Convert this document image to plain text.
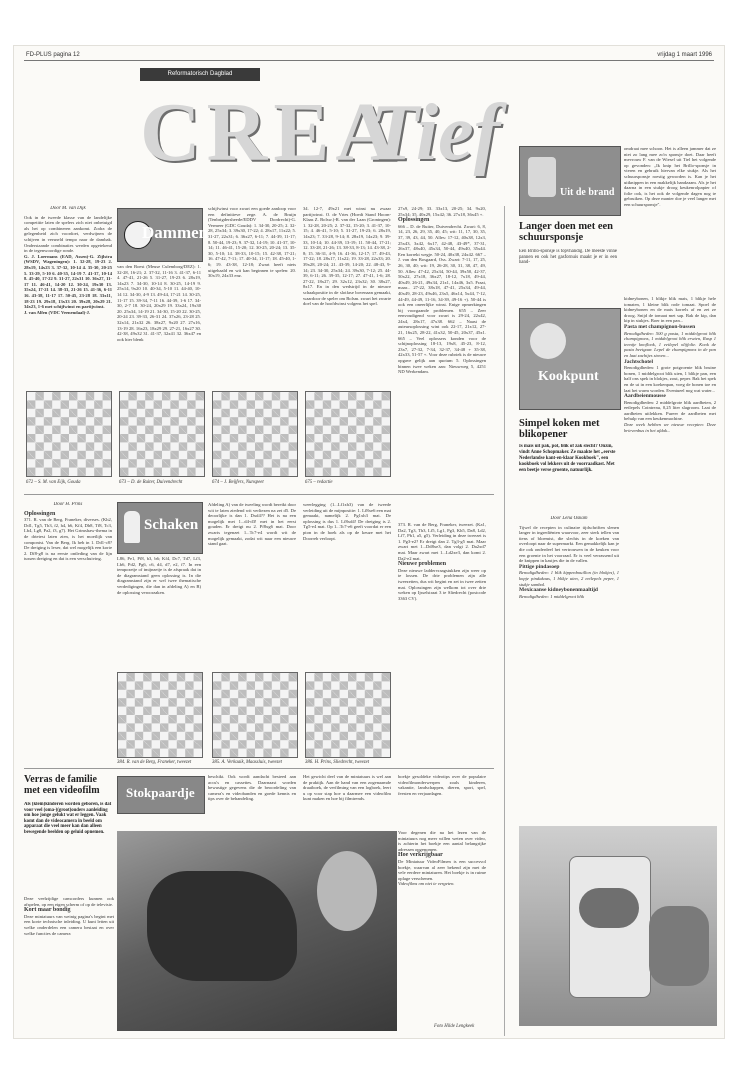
FD-PLUS pagina 12	vrijdag 1 maart 1996
Reformatorisch Dagblad
CREA
Tief
Door M. van Dijk
Ook in de tweede klasse van de landelijke competitie laten de spelers zich niet onbetuigd als het op combineren aankomt. Zodra de gelegenheid zich voordoet, verdwijnen de schijven in versneld tempo naar de dambak. Onderstaande combinaties werden opgetekend in de tegenwoordige ronde.
G. J. Loermans (EAD, Assen)-G. Zijlstra (WSDV, Wageningen): 1. 32-28, 19-23 2. 28x19, 14x23 3. 37-32, 10-14 4. 35-30, 20-25 5. 33-29, 5-10 6. 40-35, 14-19 7. 41-37, 10-14 8. 45-40, 17-22 9. 31-27, 22x31 10. 36x27, 11-17 11. 46-41, 14-20 12. 30-24, 19x30 13. 35x24, 17-21 14. 38-33, 21-26 15. 41-36, 6-11 16. 43-38, 11-17 17. 50-45, 23-28 18. 33x11, 18-23 19. 29x18, 13x33 20. 39x28, 20x29 21. 34x23, 1-6 met schijfwinst en partijwinst.
J. van Alfen (VDC Veenendaal)-J.
Dammen
van den Boest (Meuse Culemborg/DEZ): 1. 32-28, 16-21; 2. 37-32, 11-16 3. 41-37, 6-11 4. 47-41, 21-26 5. 31-27, 19-23 6. 28x19, 14x23 7. 34-30, 10-14 8. 30-25, 14-19 9. 25x14, 9x20 10. 40-34, 5-10 11. 44-40, 10-14 12. 34-30, 4-9 13. 49-44, 17-21 14. 30-25, 11-17 15. 39-34, 7-11 16. 44-39, 1-6 17. 34-30, 2-7 18. 30-24, 20x29 19. 33x24, 19x30 20. 25x34, 14-19 21. 34-30, 15-20 22. 30-25, 20-24 23. 39-33, 26-31 24. 37x26, 23-28 25. 32x14, 21x32 26. 38x27, 9x20 27. 27x16, 13-19 28. 16x23, 18x29 29. 27-21, 16x27 30. 42-38, 49x32 31. 41-37, 32x41 32. 36x47 en ook hier blenk
schijfwinst voor zwart een goede aanloop voor een definitieve zege. A. de Bruijn (Tenbrigdersheede/EDDV Dordrecht)-G. Vermeer (GDC Gouda): 1. 34-30, 20-25; 2. 32-28, 25x34; 3. 39x30, 17-22; 4. 28x17, 11x22; 5. 31-27, 22x31; 6. 36x27, 6-11; 7. 44-39, 11-17; 8. 50-44, 19-23; 9. 37-32, 14-19; 10. 41-37, 10-14; 11. 46-41, 15-20; 12. 30-25, 20-24; 13. 35-30, 5-10; 14. 38-33, 10-15; 15. 42-38, 17-21; 16. 47-42, 7-11; 17. 40-34, 11-17; 18. 45-40, 1-6; 19. 43-38, 12-18; Zwart heeft niets uitgehaald en wit kan beginnen te spelen: 20. 30x19, 24x33 enz.
34. 12-7, 49x21 met winst nu zwaar partijwinst. O. de Vries (Hoedt Stand Hoorn-Klaas Z. Bolsw.)-R. van der Laan (Groningen): 1. 32-28, 20-25; 2. 37-32, 15-20; 3. 41-37, 10-15; 4. 46-41, 5-10; 5. 31-27, 19-23; 6. 28x19, 14x23; 7. 33-28, 9-14; 8. 28x19, 14x23; 9. 39-33, 10-14; 10. 44-39, 13-19; 11. 50-44, 17-21; 12. 33-28, 21-26; 13. 38-33, 8-13; 14. 43-38, 2-8; 15. 36-31, 4-9; 16. 41-36, 12-17; 17. 49-43, 17-22; 18. 28x17, 11x22; 19. 33-28, 22x33; 20. 39x28, 20-24; 21. 43-39, 14-20; 22. 48-43, 9-14; 23. 34-30, 25x34; 24. 39x30, 7-12; 25. 44-39, 6-11; 26. 39-35, 12-17; 27. 47-41, 1-6; 28. 27-22, 18x27; 29. 32x12, 23x32; 30. 38x27, 8x17. En in den wedstrijd in de nieuwe schaakpositie in de slotfase bovenaan gemaakt, waardoor de speler om Bolsm. zwart het zwarte doel van de hoofdwinst volgens het spel.
27x9, 24-29; 33. 33x13, 20-25; 34. 9x20, 25x34; 35. 40x29, 15x42; 36. 27x18, 36x45 +.
Oplossingen
666 – D. de Ruiter, Duivendrecht. Zwart: 6, 8, 14, 23, 26, 29, 35, 40, 45; wit: 11, 17, 30, 35, 37, 39, 43, 44, 50. Alles: 17-12, 40x38, 12x3, 25x43, 3x42, 6x17, 42-48, 43-49*, 37-31, 26x37, 48x40, 45x34, 50-44, 49x40, 35x44. Een korrekt wegje. 50-24, 40x38, 24x42. 667 – J. van den Bosgaard, Oss. Zwart: 7-11, 17, 25, 26, 30, 40; wit: 19, 26-28, 30, 31, 38, 47, 49, 50. Alles: 47-42, 25x34, 50-44, 39x50, 42-37, 50x22, 27x18, 36x27, 18-12, 7x18, 49-44, 40x49, 26-21, 49x34, 21x1, 14x46, 3x5. Fraai, maar... 27-22, 38x18, 47-41, 25x34, 49-44, 40x49, 28-23, 49x46, 23x5, 46x14, 5x44, 7-12, 44-49, 44-49, 11-16, 34-39, 49-16 +). 50-44 is ook een oneerlijke winst. Enige opmerkingen bij voorgaande problemen. 655 – Zeer eenvoudigend voor zwart is 29-24, 22x42, 24x4, 28x17, 47x38. 662 – Naast de auteursoplossing wint ook 22-17, 21x12, 27-21, 16x25, 28-22, 41x32, 50-45, 20x37, 45x1. 665 – Veel oplossers konden voor de schijnoplossing 18-13, 19x8, 45-23, 8-12, 23x7, 27-32, 7-34, 32-37, 34-48 + 35-38, 42x33, 51-57 +. Voor deze rubriek is de nieuwe opgave gelijk aan quotum 5. Oplossingen binnen twee weken aan: Nieuwweg 5, 4251 ND Werkendam.
672 – S. M. van Eijk, Gouda	673 – D. de Ruiter, Duivendrecht	674 – J. Beijfers, Nunspeet	675 – redactie
Uit de brand
Langer doen met een schuursponsje
Een Brillo-sponsje is topvhandig. De meeste vinne pannen en ook het gasfornuis maakt je er in een hand-
omdraai mee schoon. Het is alleen jammer dat ze niet zo lang mee zo'n sponsje doet. Daar heeft mevrouw F. van de Wiesel uit Tiel het volgende op gevonden: „Ik knip het Brillo-sponsje in vieren en gebruik hiervan elke stukje. Als het schuursponsje roestig geworden is. Kan je het uitknippen in een makkelijk handzaam. Als je het daarna in een stukje droog keukenrolpapier of folie ook, is het ook de volgende dagen nog te gebruiken. Op deze manier doe je veel langer met een schuursponsje".
Kookpunt
Simpel koken met blikopener
Is mais uit pak, pot, blik of zak slecht? Onzin, vindt Anne Schopmaker. Ze maakte het „eerste Nederlandse kant-en-klaar Kookboek", een kookboek vol lekkers uit de voorraadkast. Met een beetje verse groente, natuurlijk.
kidneybonen, 1 blikje blik mais, 1 blikje hele tomaten, 1 kleine blik rode tomaat. Spoel de kidneybonen en de mais korrels af en zet ze droog. Snijd de tomaat met sap. Bak de kip, dan kip in stukjes. Boer in een pan...
Pasta met champignon-bussen
Benodigdheden: 500 g pasta, 1 middelgroot blik champignons, 1 middelgroot blik erwten, Rasp 1 teentje knoflook, 1 eetlepel olijfolie. Kook de pasta beetgaar. Lepel de champignons in de pan en laat zachtjes stoven...
Jachtschotel
Benodigdheden: 1 grote potgroente blik bruine bonen, 1 middelgroot blik uien, 1 blikje pan, een half ons spek in blokjes, zout, peper. Bak het spek en de ui in een koekenpan, voeg de bonen toe en laat het warm worden. Eventueel nog wat water...
Aardbeienmousse
Benodigdheden: 2 middelgrote blik aardbeien, 2 eetlepels Cointreau, 0,25 liter slagroom. Laat de aardbeien uitlekken. Pureer de aardbeien met behulp van een keukenmachine.
Deze week hebben we nieuwe recepten: Deze brievenbus in het afdak...
Door Lena Oskam
Tijwel de recepten in culinaire tijdschriften slenen langer in ingrediënten waarvoor, zeer sterk tellen van tiens of bloemist, die slechts in de koeken van overloopt naar de supermarkt. Een gemakkelijk kan je die ook onderdeel het vertrouwen in de keuken voor een groente in het voorraad. Er is veel verrassend uit de knippen in kastjes die in de vallen.
Pittige pindasoep
Benodigdheden: 1 blik kippenbouillon (in blokjes), 1 kopje pindakaas, 1 blikje uien, 2 eetlepels peper, 1 stukje sambal.
Mexicaanse kidneybonenmaaltijd
Benodigdheden: 1 middelgroot blik
Door H. Prins
Oplossingen
371. R. van de Berg, Franeker, diverses. (Kh2, Dd1, Tg5, Tb3, f2, h4, b6, Kf4, Dh8, Tf8, Tc3, Lb4, Lg8, Pa2, f3, g7). Het Grimshaw-thema in de drietest laten zien, is het moeilijk van componist. Van de Berg. Ik heb in 1. Dd1-c8? De dreiging is lexer, dat wel mogelijk een korte 2. Df8-g8 is na eerste ontleding van de lijn tussen dreiging en dat is een verschuiving.
Schaken
L86, Pe1, Pf8, b3, b6; Kf4, Dc7, Td7, Lf3, Lb6, Pd2, Pg6, c6, d4, d7, e2, f7. In een tempozetje of tmijnzetje is de afspraak dat in de diagramstand geen oplossing is. In die diagramstand zijn er wel twee thematische verdedigingen, die dan in afdeling A) en B) de oplossing veroorzaken.
Afdeling A) van de tweeling wordt bereikt door wit te laten ziedend wit verliezen na zet d5. De deoorlijke is dan 1. Dxd4?? Het is na een mogelijk met 1...d4-d3! met in het eerst gouden. Er dreigt nu 2. Pf8xg6 mat. Door zwarts tegenzet 1...Tc7-e4 wordt wit de mogelijk gemaakt, zodat wit naar een nieuwe stand gaat.
weerlegging (1...Lf1xh3) van de tweede verleiding uit de mijnpositie: 1. Lf8xe6 een mat gemaakt, namelijk 2. Pg1xh3 mat. De oplossing is dus 1. Lf8xd4! De dreiging is 2. Tg5-e4 mat. Op 1...Tc7-e6 geeft voordat er een pion in de hoek als op de keuze met het Doorreb verloopt.
373. R. van de Berg, Franeker, tweezet. (Ka1, Da2, Tg3, Th3, Lf5, Lg1, Pg3, Kh5, Da8, Ld2, Lf7, Pb1, a5, g5). Verleiding in deze tweezet is 1. Pg3-e2? Er dreigt dan 2. Tg3-g5 mat. Maar zwart met 1...Dd8xe3, dan volgt 2. Da2xd7 mat. Maar zwart met 1...Ld2xe3, dan komt 2. Da2-e2 mat.
Nieuwe problemen
Deze nieuwe laddervraagstukken zijn weer op te lossen. De drie problemen zijn alle tweezetten, dus wit begint en zet in twee zetten mat. Oplossingen zijn welkom tot over drie weken op Ijsselstraat 3 te Sliedrecht (postcode 3363 CV).
384. R. van de Berg, Franeker, tweezet	385. A. Verkaaik, Maassluis, tweezet	386. H. Prins, Sliedrecht, tweezet
Verras de familie met een videofilm
Als (klein)kinderen worden geboren, is dat voor veel (oma-)(groot)ouders aanleiding om hoe jonge gelukt wat er leggen. Vaak komt dan de videocamera in beeld om apparaat die veel meer kan dan alleen bewegende beelden op geluid opnemen.
Deze veelzijdige camcorders kunnen ook afspelen, op een eigen scherm of op de televisie.
Kort maar bondig
Deze miniatuurs van weinig pagina's begint met een korte technische inleiding. U kunt letten uit welke onderdelen een camera bestaat en over welke functies de camera
Stokpaardje
beschikt. Ook wordt aandacht besteed aan accu's en cassettes. Daarnaast worden bewustige gegevens die de beoordeling van camera's en videobanden en goede kennis en tips over de behandeling.
Het gewicht deel van de miniatuurs is wel aan de praktijk. Aan de hand van een zogenaamde draaiboek, de verfilming van een logboek, leert u op voor stap hoe u daarmee een videofilm kunt maken en hoe bij filmtrends.
boekje gesoldeke videotips over de populaire videofilmonderwerpen zoals kinderen, vakantie, landschappen, dieren, sport, spel, feesten en verjaardagen.
Voor degenen die na het lezen van de miniatuurs nog meer willen weten over video, is achterin het boekje een aantal belangrijke adressen opgenomen.
Hoe verkrijgbaar
De Miniatuur VideoFilmen is een succesvol boekje, waarvan al zeer bekend zijn met de vele eerdere miniaturen. Het boekje is in ruime oplage verschenen.
Videofilms om niet te vergeten.
Foto Hilde Lengkeek
